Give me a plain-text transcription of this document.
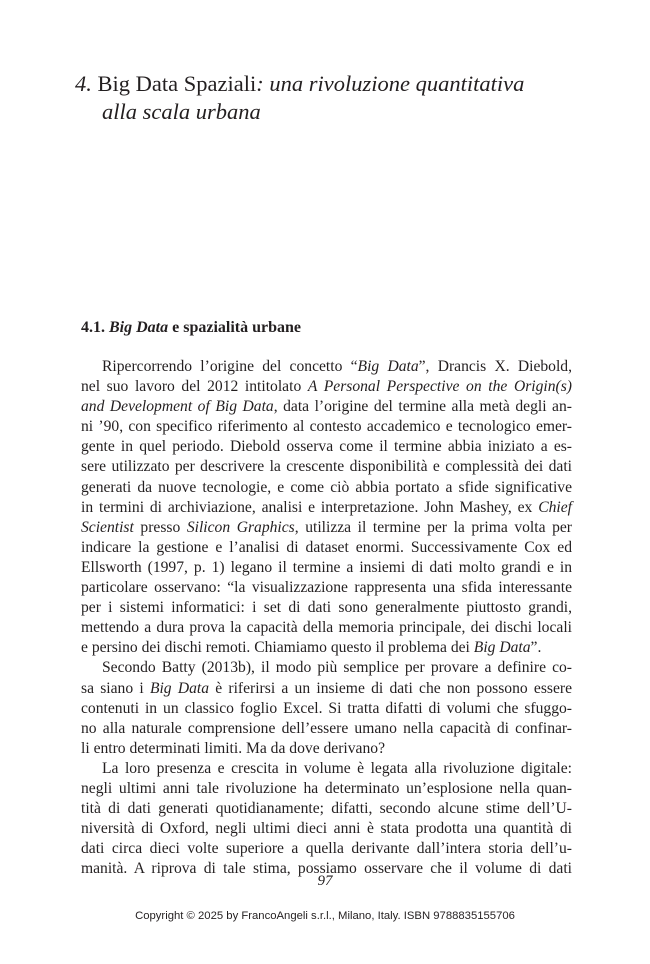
4. Big Data Spaziali: una rivoluzione quantitativa
alla scala urbana
4.1. Big Data e spazialità urbane
Ripercorrendo l’origine del concetto “Big Data”, Drancis X. Diebold,
nel suo lavoro del 2012 intitolato A Personal Perspective on the Origin(s)
and Development of Big Data, data l’origine del termine alla metà degli an-
ni ’90, con specifico riferimento al contesto accademico e tecnologico emer-
gente in quel periodo. Diebold osserva come il termine abbia iniziato a es-
sere utilizzato per descrivere la crescente disponibilità e complessità dei dati
generati da nuove tecnologie, e come ciò abbia portato a sfide significative
in termini di archiviazione, analisi e interpretazione. John Mashey, ex Chief
Scientist presso Silicon Graphics, utilizza il termine per la prima volta per
indicare la gestione e l’analisi di dataset enormi. Successivamente Cox ed
Ellsworth (1997, p. 1) legano il termine a insiemi di dati molto grandi e in
particolare osservano: “la visualizzazione rappresenta una sfida interessante
per i sistemi informatici: i set di dati sono generalmente piuttosto grandi,
mettendo a dura prova la capacità della memoria principale, dei dischi locali
e persino dei dischi remoti. Chiamiamo questo il problema dei Big Data”.
Secondo Batty (2013b), il modo più semplice per provare a definire co-
sa siano i Big Data è riferirsi a un insieme di dati che non possono essere
contenuti in un classico foglio Excel. Si tratta difatti di volumi che sfuggo-
no alla naturale comprensione dell’essere umano nella capacità di confinar-
li entro determinati limiti. Ma da dove derivano?
La loro presenza e crescita in volume è legata alla rivoluzione digitale:
negli ultimi anni tale rivoluzione ha determinato un’esplosione nella quan-
tità di dati generati quotidianamente; difatti, secondo alcune stime dell’U-
niversità di Oxford, negli ultimi dieci anni è stata prodotta una quantità di
dati circa dieci volte superiore a quella derivante dall’intera storia dell’u-
manità. A riprova di tale stima, possiamo osservare che il volume di dati
97
Copyright © 2025 by FrancoAngeli s.r.l., Milano, Italy. ISBN 9788835155706
